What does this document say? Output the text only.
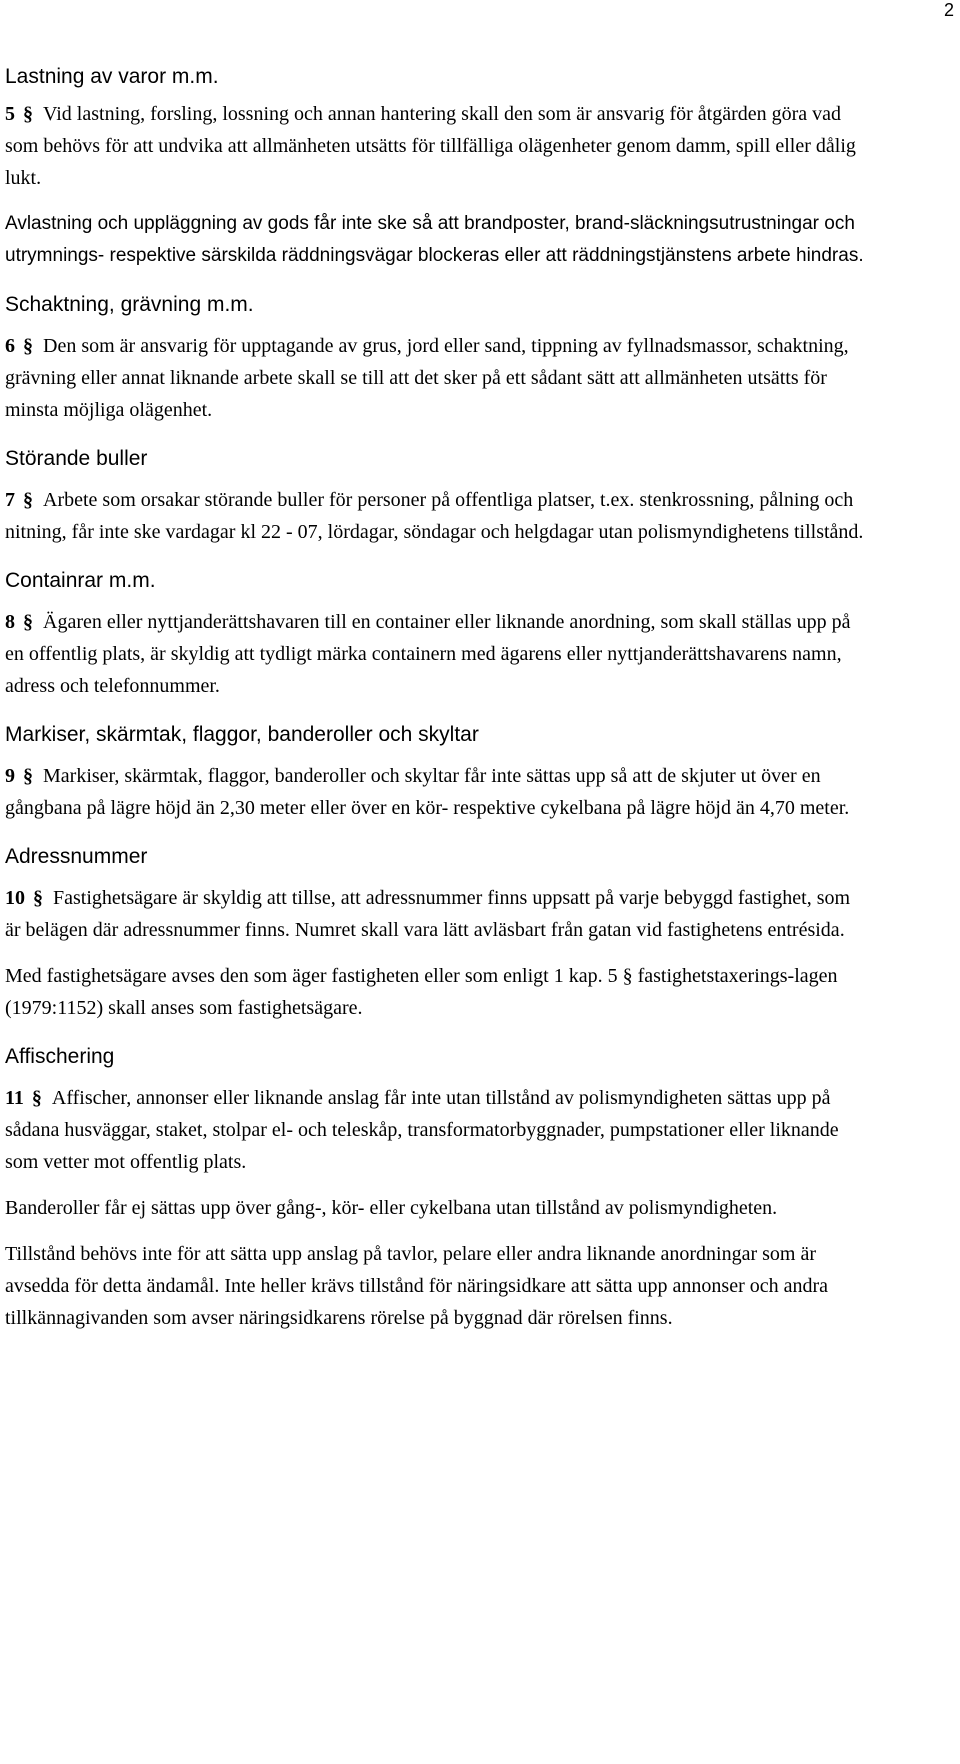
2
Lastning av varor m.m.

5 § Vid lastning, forsling, lossning och annan hantering skall den som är ansvarig för åtgärden göra vad som behövs för att undvika att allmänheten utsätts för tillfälliga olägenheter genom damm, spill eller dålig lukt.

Avlastning och uppläggning av gods får inte ske så att brandposter, brand-släckningsutrustningar och utrymnings- respektive särskilda räddningsvägar blockeras eller att räddningstjänstens arbete hindras.

Schaktning, grävning m.m.

6 § Den som är ansvarig för upptagande av grus, jord eller sand, tippning av fyllnadsmassor, schaktning, grävning eller annat liknande arbete skall se till att det sker på ett sådant sätt att allmänheten utsätts för minsta möjliga olägenhet.

Störande buller

7 § Arbete som orsakar störande buller för personer på offentliga platser, t.ex. stenkrossning, pålning och nitning, får inte ske vardagar kl 22 - 07, lördagar, söndagar och helgdagar utan polismyndighetens tillstånd.

Containrar m.m.

8 § Ägaren eller nyttjanderättshavaren till en container eller liknande anordning, som skall ställas upp på en offentlig plats, är skyldig att tydligt märka containern med ägarens eller nyttjanderättshavarens namn, adress och telefonnummer.

Markiser, skärmtak, flaggor, banderoller och skyltar

9 § Markiser, skärmtak, flaggor, banderoller och skyltar får inte sättas upp så att de skjuter ut över en gångbana på lägre höjd än 2,30 meter eller över en kör- respektive cykelbana på lägre höjd än 4,70 meter.

Adressnummer

10 § Fastighetsägare är skyldig att tillse, att adressnummer finns uppsatt på varje bebyggd fastighet, som är belägen där adressnummer finns. Numret skall vara lätt avläsbart från gatan vid fastighetens entrésida.

Med fastighetsägare avses den som äger fastigheten eller som enligt 1 kap. 5 § fastighetstaxerings-lagen (1979:1152) skall anses som fastighetsägare.

Affischering

11 § Affischer, annonser eller liknande anslag får inte utan tillstånd av polismyndigheten sättas upp på sådana husväggar, staket, stolpar el- och teleskåp, transformatorbyggnader, pumpstationer eller liknande som vetter mot offentlig plats.

Banderoller får ej sättas upp över gång-, kör- eller cykelbana utan tillstånd av polismyndigheten.

Tillstånd behövs inte för att sätta upp anslag på tavlor, pelare eller andra liknande anordningar som är avsedda för detta ändamål. Inte heller krävs tillstånd för näringsidkare att sätta upp annonser och andra tillkännagivanden som avser näringsidkarens rörelse på byggnad där rörelsen finns.
